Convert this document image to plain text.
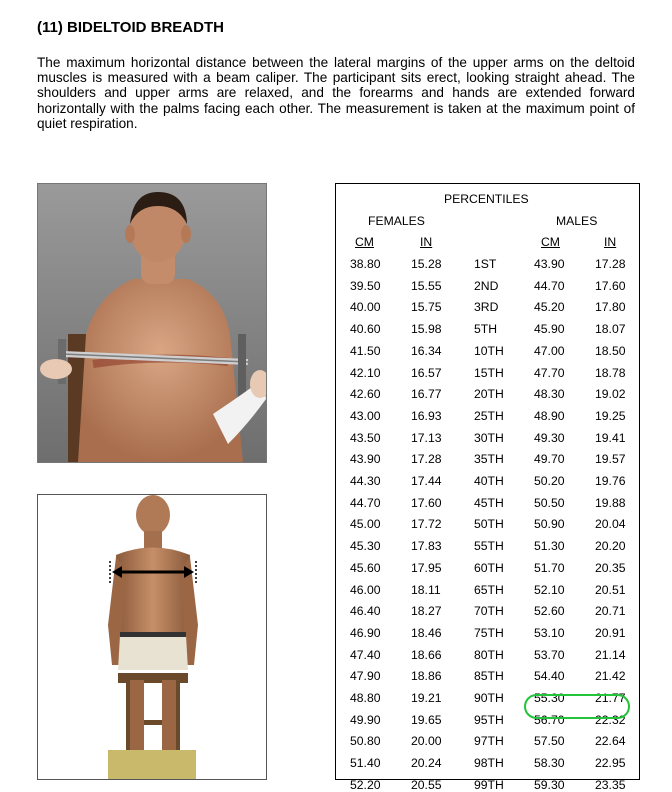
(11) BIDELTOID BREADTH
The maximum horizontal distance between the lateral margins of the upper arms on the deltoid muscles is measured with a beam caliper. The participant sits erect, looking straight ahead. The shoulders and upper arms are relaxed, and the forearms and hands are extended forward horizontally with the palms facing each other. The measurement is taken at the maximum point of quiet respiration.
PERCENTILES
FEMALES	MALES
CM	IN	CM	IN
38.80	15.28	1ST	43.90	17.28
39.50	15.55	2ND	44.70	17.60
40.00	15.75	3RD	45.20	17.80
40.60	15.98	5TH	45.90	18.07
41.50	16.34	10TH 47.00	18.50
42.10	16.57	15TH 47.70	18.78
42.60	16.77	20TH 48.30	19.02
43.00	16.93	25TH 48.90	19.25
43.50	17.13	30TH 49.30	19.41
43.90	17.28	35TH 49.70	19.57
44.30	17.44	40TH 50.20	19.76
44.70	17.60	45TH 50.50	19.88
45.00	17.72	50TH 50.90	20.04
45.30	17.83	55TH 51.30	20.20
45.60	17.95	60TH 51.70	20.35
46.00	18.11	65TH 52.10	20.51
46.40	18.27	70TH 52.60	20.71
46.90	18.46	75TH 53.10	20.91
47.40	18.66	80TH 53.70	21.14
47.90	18.86	85TH 54.40	21.42
48.80	19.21	90TH 55.30	21.77
49.90	19.65	95TH 56.70	22.32
50.80	20.00	97TH 57.50	22.64
51.40	20.24	98TH 58.30	22.95
52.20	20.55	99TH 59.30	23.35
